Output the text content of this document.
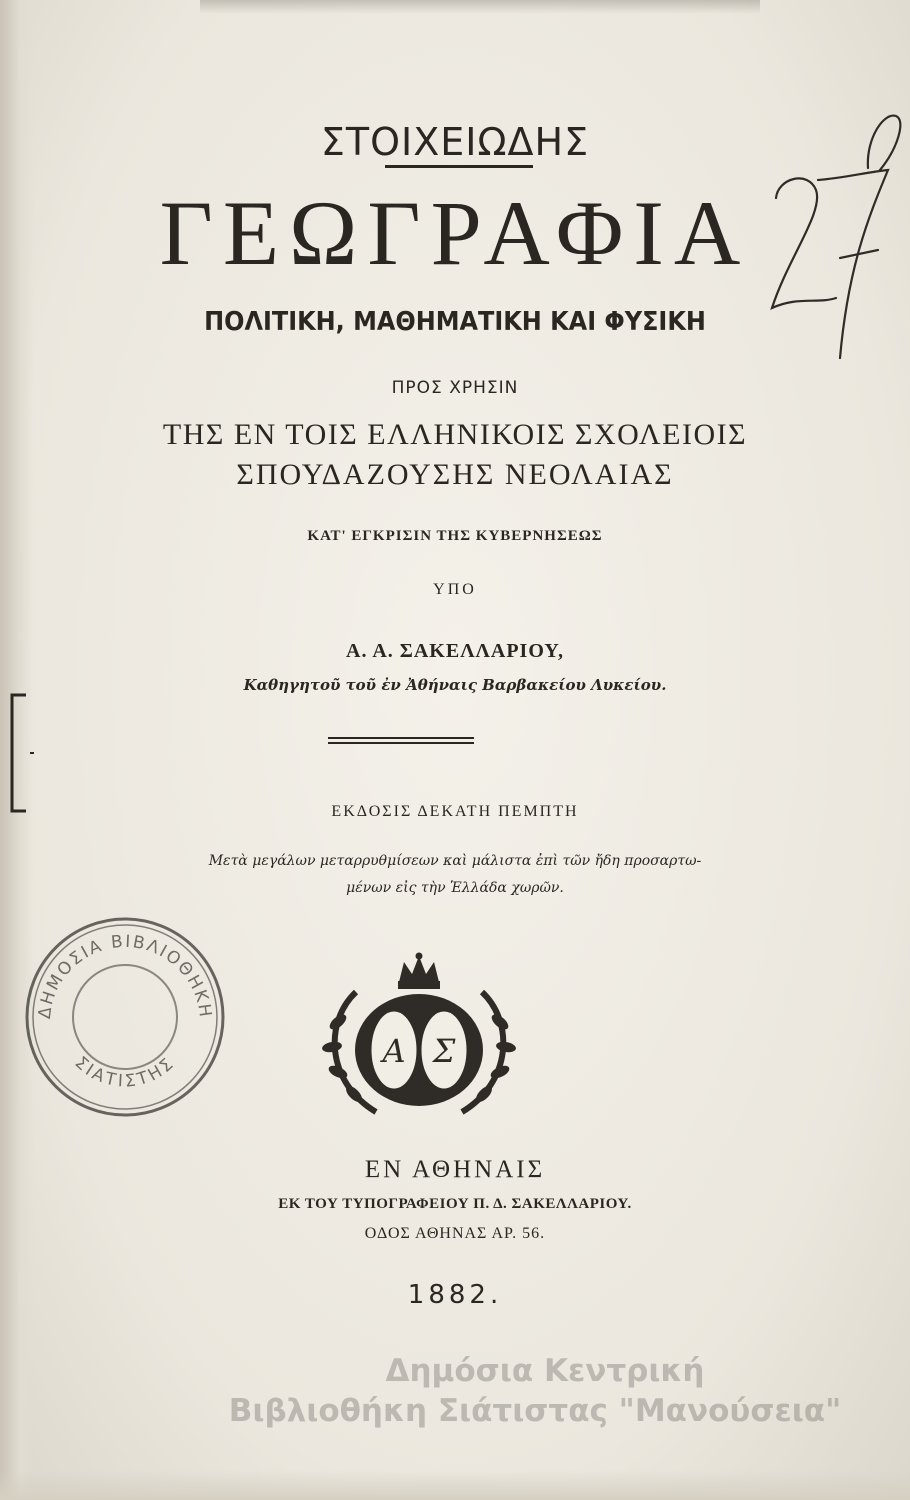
ΣΤΟΙΧΕΙΩΔΗΣ
ΓΕΩΓΡΑΦΙΑ
ΠΟΛΙΤΙΚΗ, ΜΑΘΗΜΑΤΙΚΗ ΚΑΙ ΦΥΣΙΚΗ
ΠΡΟΣ ΧΡΗΣΙΝ
ΤΗΣ ΕΝ ΤΟΙΣ ΕΛΛΗΝΙΚΟΙΣ ΣΧΟΛΕΙΟΙΣ
ΣΠΟΥΔΑΖΟΥΣΗΣ ΝΕΟΛΑΙΑΣ
ΚΑΤ' ΕΓΚΡΙΣΙΝ ΤΗΣ ΚΥΒΕΡΝΗΣΕΩΣ
ΥΠΟ
Α. Α. ΣΑΚΕΛΛΑΡΙΟΥ,
Καθηγητοῦ τοῦ ἐν Ἀθήναις Βαρβακείου Λυκείου.
ΕΚΔΟΣΙΣ ΔΕΚΑΤΗ ΠΕΜΠΤΗ
Μετὰ μεγάλων μεταρρυθμίσεων καὶ μάλιστα ἐπὶ τῶν ἤδη προσαρτω-
μένων εἰς τὴν Ἑλλάδα χωρῶν.
ΔΗΜΟΣΙΑ ΒΙΒΛΙΟΘΗΚΗ
ΣΙΑΤΙΣΤΗΣ	Α Σ
ΕΝ ΑΘΗΝΑΙΣ
ΕΚ ΤΟΥ ΤΥΠΟΓΡΑΦΕΙΟΥ Π. Δ. ΣΑΚΕΛΛΑΡΙΟΥ.
ΟΔΟΣ ΑΘΗΝΑΣ ΑΡ. 56.
1882.
Δημόσια Κεντρική
Βιβλιοθήκη Σιάτιστας "Μανούσεια"
